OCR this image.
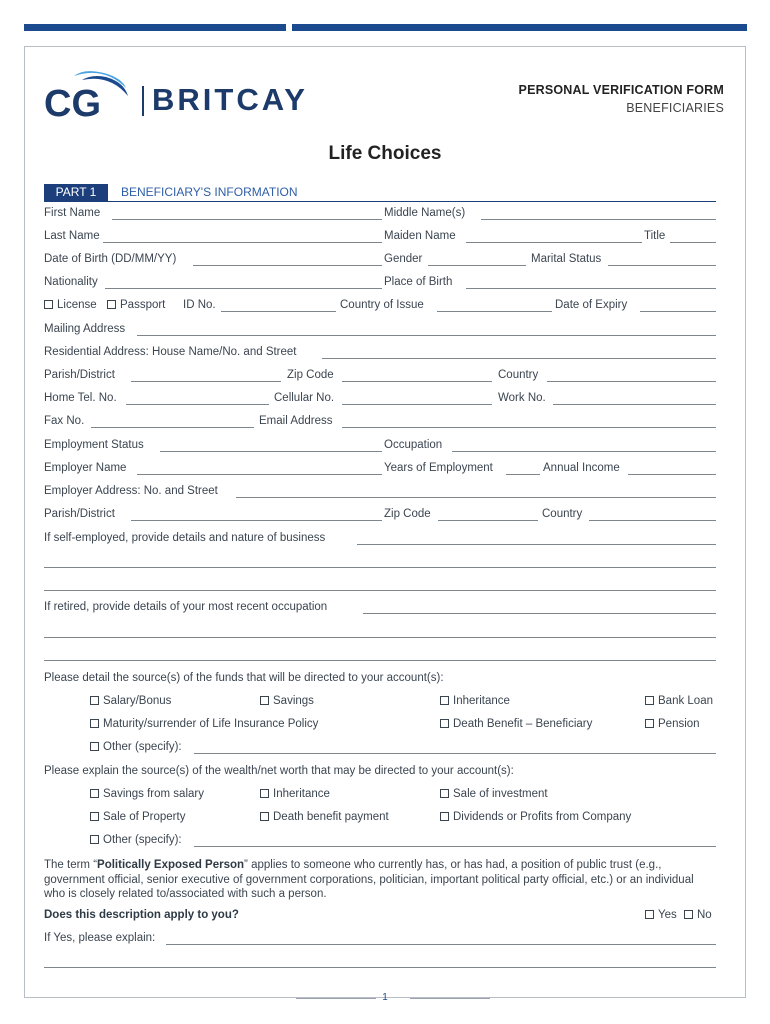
CG BRITCAY	PERSONAL VERIFICATION FORM
BENEFICIARIES
Life Choices
PART 1	BENEFICIARY'S INFORMATION
First Name	Middle Name(s)
Last Name	Maiden Name	Title
Date of Birth (DD/MM/YY)	Gender	Marital Status
Nationality	Place of Birth
License	Passport ID No.	Country of Issue	Date of Expiry
Mailing Address
Residential Address: House Name/No. and Street
Parish/District	Zip Code	Country
Home Tel. No.	Cellular No.	Work No.
Fax No.	Email Address
Employment Status	Occupation
Employer Name	Years of Employment	Annual Income
Employer Address: No. and Street
Parish/District	Zip Code	Country
If self-employed, provide details and nature of business
If retired, provide details of your most recent occupation
Please detail the source(s) of the funds that will be directed to your account(s):
Salary/Bonus	Savings	Inheritance	Bank Loan
Maturity/surrender of Life Insurance Policy	Death Benefit – Beneficiary	Pension
Other (specify):
Please explain the source(s) of the wealth/net worth that may be directed to your account(s):
Savings from salary	Inheritance	Sale of investment
Sale of Property	Death benefit payment	Dividends or Profits from Company
Other (specify):
The term “Politically Exposed Person” applies to someone who currently has, or has had, a position of public trust (e.g., government official, senior executive of government corporations, politician, important political party official, etc.) or an individual who is closely related to/associated with such a person.
Does this description apply to you?	Yes	No
If Yes, please explain:
1
